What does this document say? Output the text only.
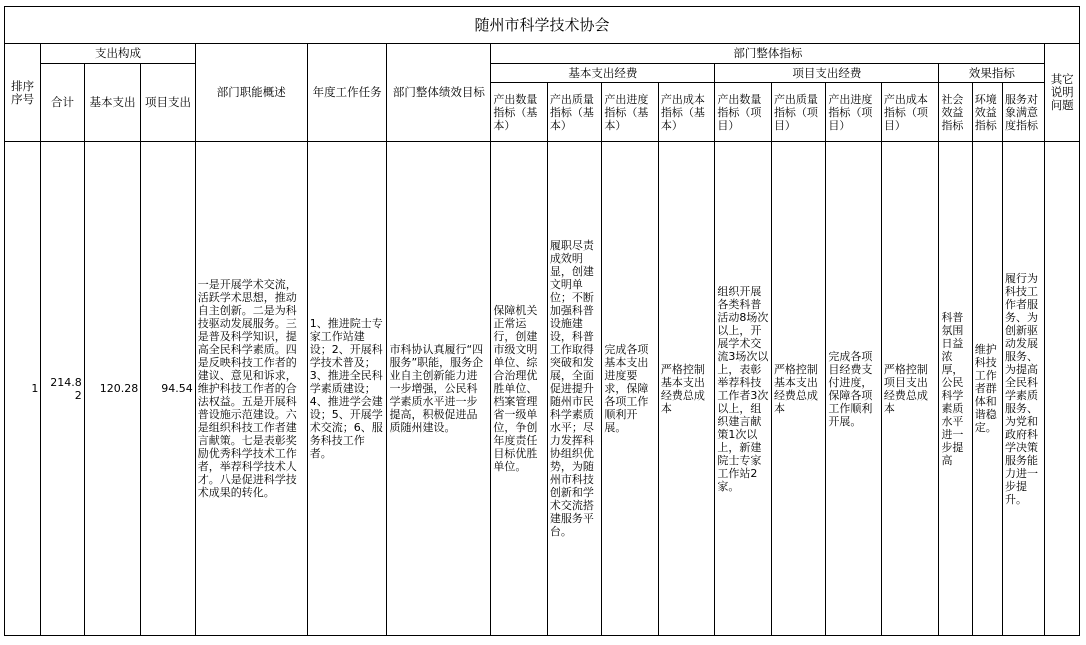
随州市科学技术协会																		
排序序号	支出构成			部门职能概述	年度工作任务	部门整体绩效目标	部门整体指标											其它说明问题
	合计	基本支出	项目支出				基本支出经费				项目支出经费				效果指标			
							产出数量指标（基本）	产出质量指标（基本）	产出进度指标（基本）	产出成本指标（基本）	产出数量指标（项目）	产出质量指标（项目）	产出进度指标（项目）	产出成本指标（项目）	社会效益指标	环境效益指标	服务对象满意度指标	
1	214.82	120.28	94.54	一是开展学术交流，活跃学术思想，推动自主创新。二是为科技驱动发展服务。三是普及科学知识，提高全民科学素质。四是反映科技工作者的建议、意见和诉求，维护科技工作者的合法权益。五是开展科普设施示范建设。六是组织科技工作者建言献策。七是表彰奖励优秀科学技术工作者，举荐科学技术人才。八是促进科学技术成果的转化。	1、推进院士专家工作站建设；2、开展科学技术普及；3、推进全民科学素质建设；4、推进学会建设；5、开展学术交流；6、服务科技工作者。	市科协认真履行“四服务”职能，服务企业自主创新能力进一步增强，公民科学素质水平进一步提高，积极促进品质随州建设。	保障机关正常运行，创建市级文明单位、综合治理优胜单位、档案管理省一级单位，争创年度责任目标优胜单位。	履职尽责成效明显，创建文明单位；不断加强科普设施建设，科普工作取得突破和发展，全面促进提升随州市民科学素质水平；尽力发挥科协组织优势，为随州市科技创新和学术交流搭建服务平台。	完成各项基本支出进度要求，保障各项工作顺利开展。	严格控制基本支出经费总成本	组织开展各类科普活动8场次以上，开展学术交流3场次以上，表彰举荐科技工作者3次以上，组织建言献策1次以上，新建院士专家工作站2家。	严格控制基本支出经费总成本	完成各项目经费支付进度，保障各项工作顺利开展。	严格控制项目支出经费总成本	科普氛围日益浓厚，公民科学素质水平进一步提高	维护科技工作者群体和谐稳定。	履行为科技工作者服务、为创新驱动发展服务、为提高全民科学素质服务、为党和政府科学决策服务能力进一步提升。	
